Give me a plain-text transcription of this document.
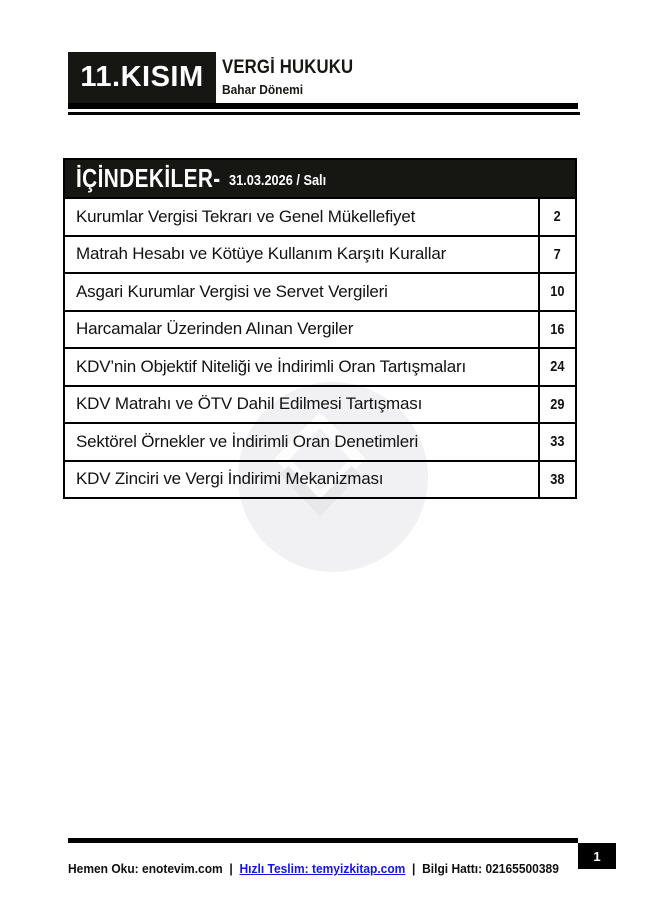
11.KISIM VERGİ HUKUKU
Bahar Dönemi
İÇİNDEKİLER- 31.03.2026 / Salı
Kurumlar Vergisi Tekrarı ve Genel Mükellefiyet	2
Matrah Hesabı ve Kötüye Kullanım Karşıtı Kurallar	7
Asgari Kurumlar Vergisi ve Servet Vergileri	10
Harcamalar Üzerinden Alınan Vergiler	16
KDV’nin Objektif Niteliği ve İndirimli Oran Tartışmaları	24
KDV Matrahı ve ÖTV Dahil Edilmesi Tartışması	29
Sektörel Örnekler ve İndirimli Oran Denetimleri	33
KDV Zinciri ve Vergi İndirimi Mekanizması	38
1
Hemen Oku: enotevim.com | Hızlı Teslim: temyizkitap.com | Bilgi Hattı: 02165500389
